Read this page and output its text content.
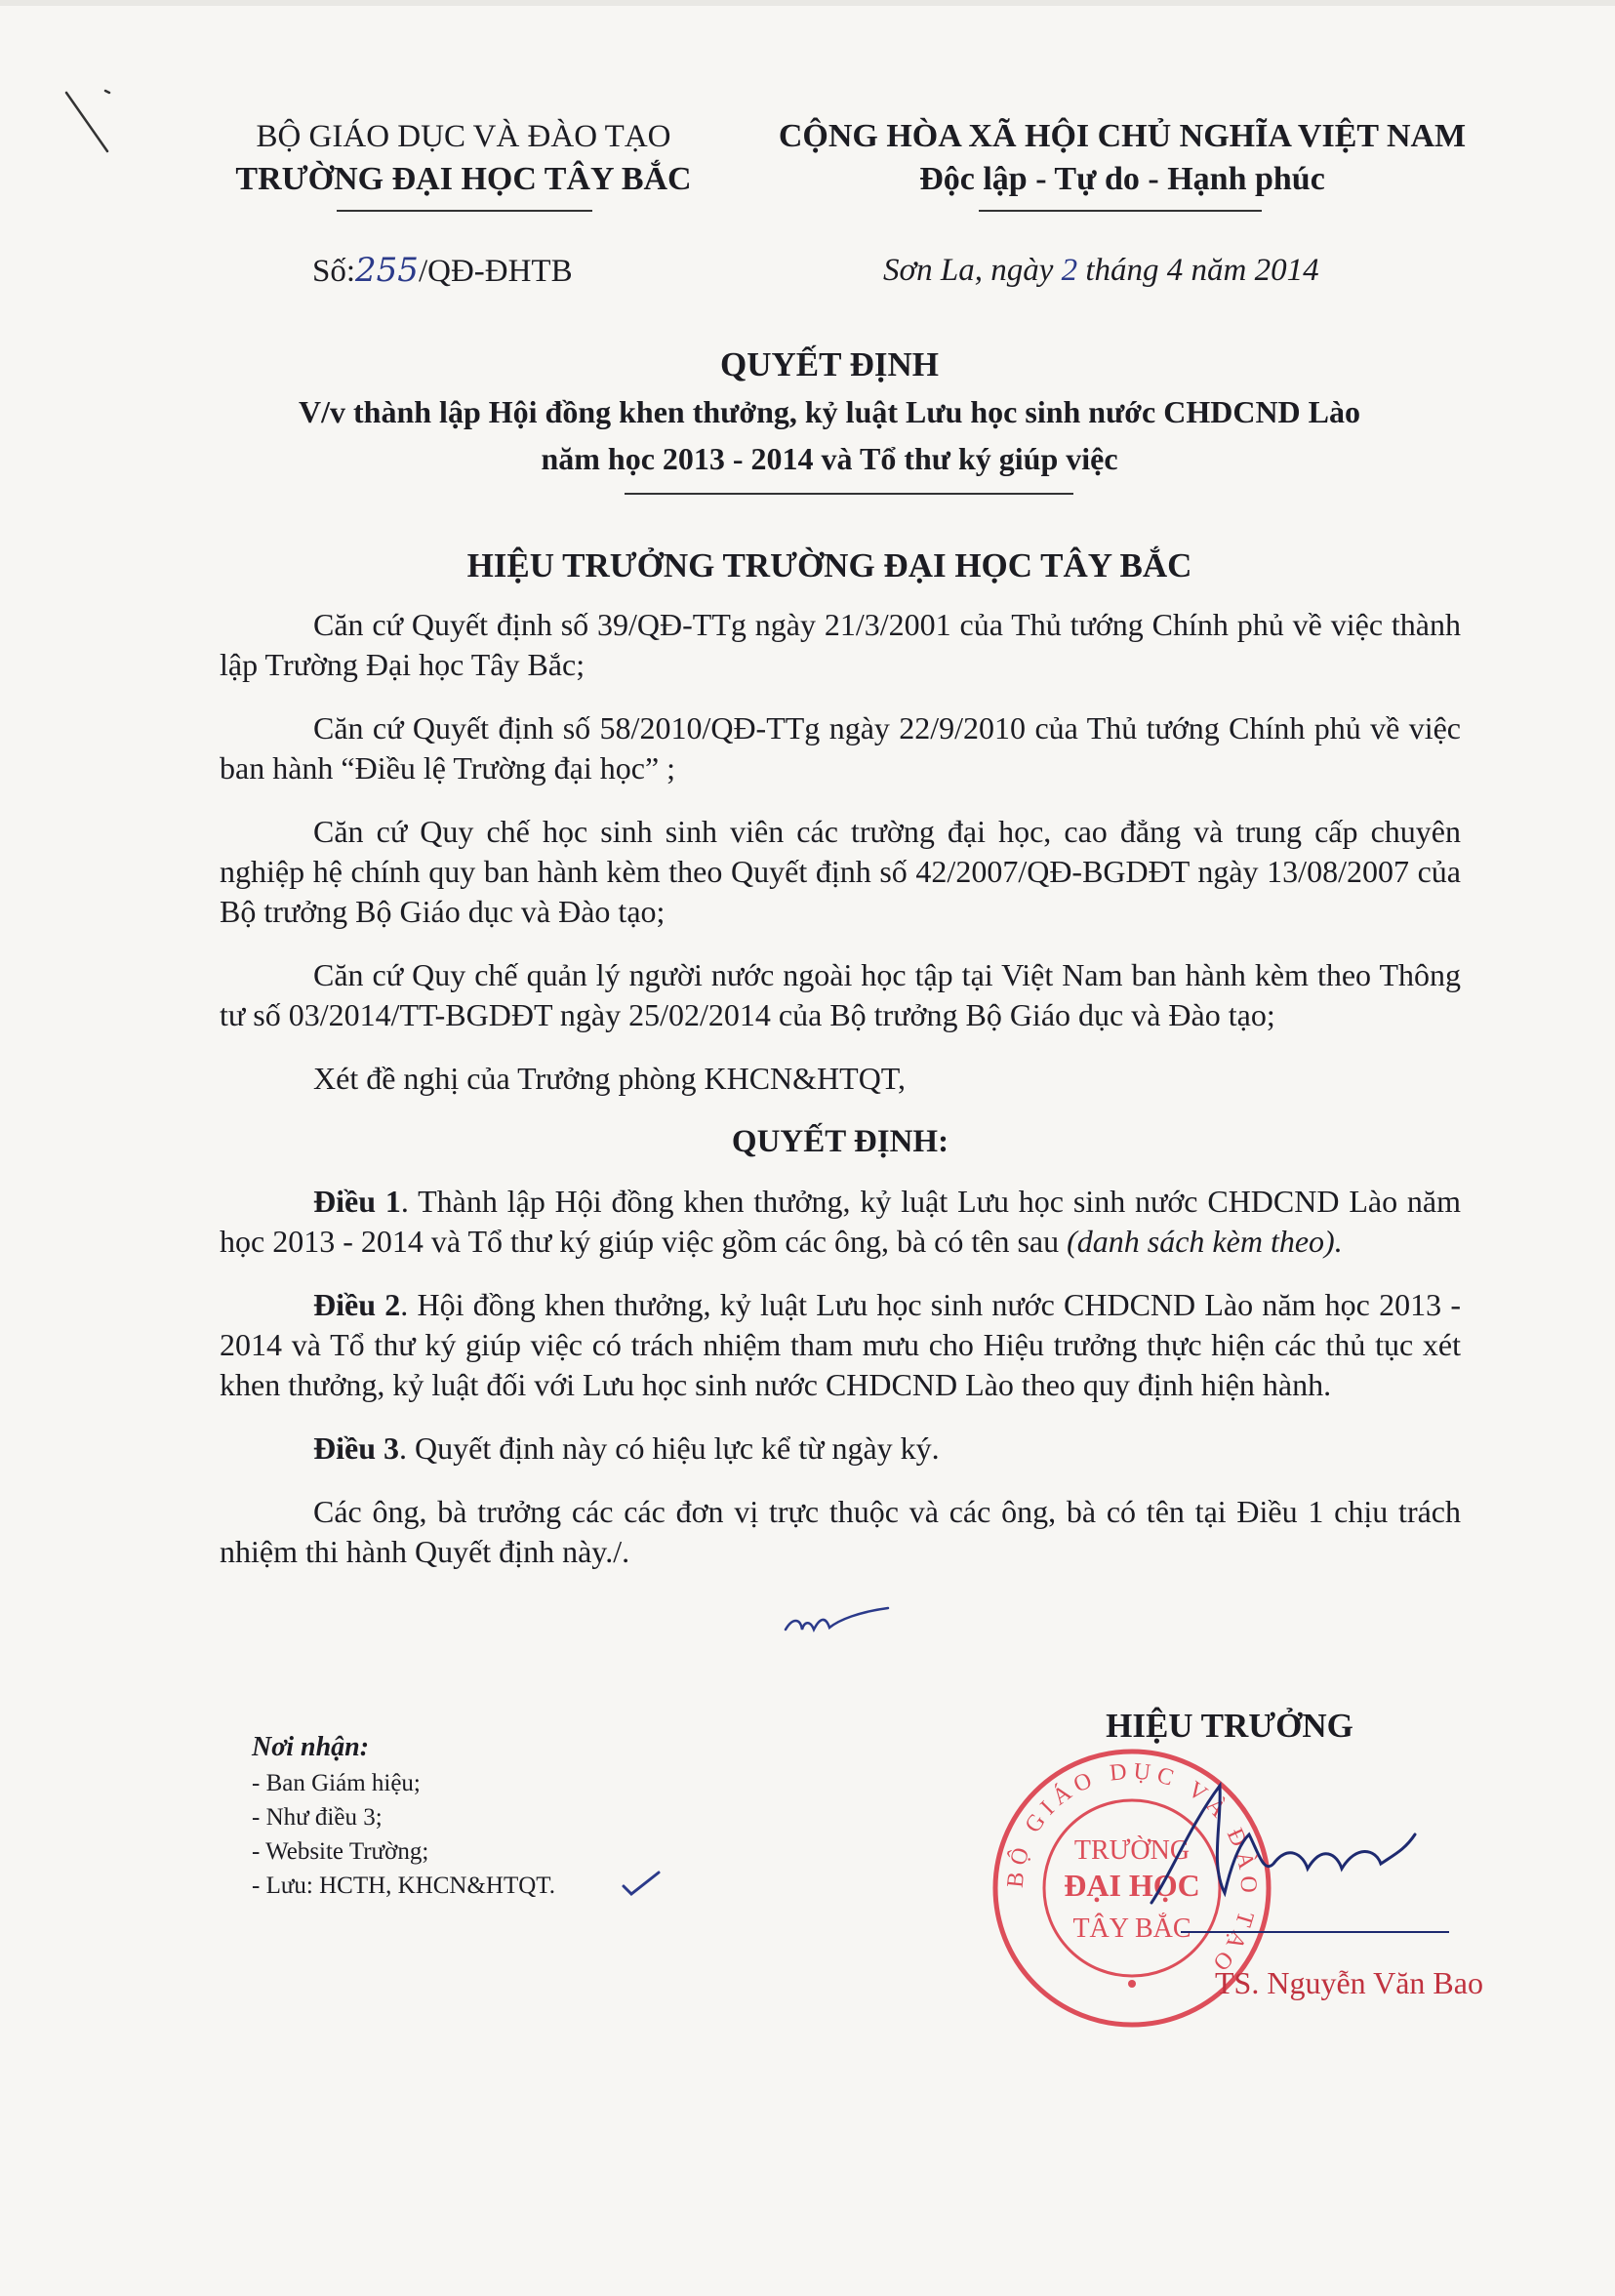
BỘ GIÁO DỤC VÀ ĐÀO TẠO
TRƯỜNG ĐẠI HỌC TÂY BẮC
CỘNG HÒA XÃ HỘI CHỦ NGHĨA VIỆT NAM
Độc lập - Tự do - Hạnh phúc
Số:255/QĐ-ĐHTB	Sơn La, ngày 2 tháng 4 năm 2014
QUYẾT ĐỊNH
V/v thành lập Hội đồng khen thưởng, kỷ luật Lưu học sinh nước CHDCND Lào
năm học 2013 - 2014 và Tổ thư ký giúp việc
HIỆU TRƯỞNG TRƯỜNG ĐẠI HỌC TÂY BẮC

Căn cứ Quyết định số 39/QĐ-TTg ngày 21/3/2001 của Thủ tướng Chính phủ về việc thành lập Trường Đại học Tây Bắc;

Căn cứ Quyết định số 58/2010/QĐ-TTg ngày 22/9/2010 của Thủ tướng Chính phủ về việc ban hành “Điều lệ Trường đại học” ;

Căn cứ Quy chế học sinh sinh viên các trường đại học, cao đẳng và trung cấp chuyên nghiệp hệ chính quy ban hành kèm theo Quyết định số 42/2007/QĐ-BGDĐT ngày 13/08/2007 của Bộ trưởng Bộ Giáo dục và Đào tạo;

Căn cứ Quy chế quản lý người nước ngoài học tập tại Việt Nam ban hành kèm theo Thông tư số 03/2014/TT-BGDĐT ngày 25/02/2014 của Bộ trưởng Bộ Giáo dục và Đào tạo;

Xét đề nghị của Trưởng phòng KHCN&HTQT,

QUYẾT ĐỊNH:

Điều 1. Thành lập Hội đồng khen thưởng, kỷ luật Lưu học sinh nước CHDCND Lào năm học 2013 - 2014 và Tổ thư ký giúp việc gồm các ông, bà có tên sau (danh sách kèm theo).

Điều 2. Hội đồng khen thưởng, kỷ luật Lưu học sinh nước CHDCND Lào năm học 2013 - 2014 và Tổ thư ký giúp việc có trách nhiệm tham mưu cho Hiệu trưởng thực hiện các thủ tục xét khen thưởng, kỷ luật đối với Lưu học sinh nước CHDCND Lào theo quy định hiện hành.

Điều 3. Quyết định này có hiệu lực kể từ ngày ký.

Các ông, bà trưởng các các đơn vị trực thuộc và các ông, bà có tên tại Điều 1 chịu trách nhiệm thi hành Quyết định này./.

Nơi nhận:
- Ban Giám hiệu;
- Như điều 3;
- Website Trường;
- Lưu: HCTH, KHCN&HTQT.
HIỆU TRƯỞNG
BỘ GIÁO DỤC VÀ ĐÀO TẠO
TRƯỜNG
ĐẠI HỌC
TÂY BẮC
TS. Nguyễn Văn Bao
